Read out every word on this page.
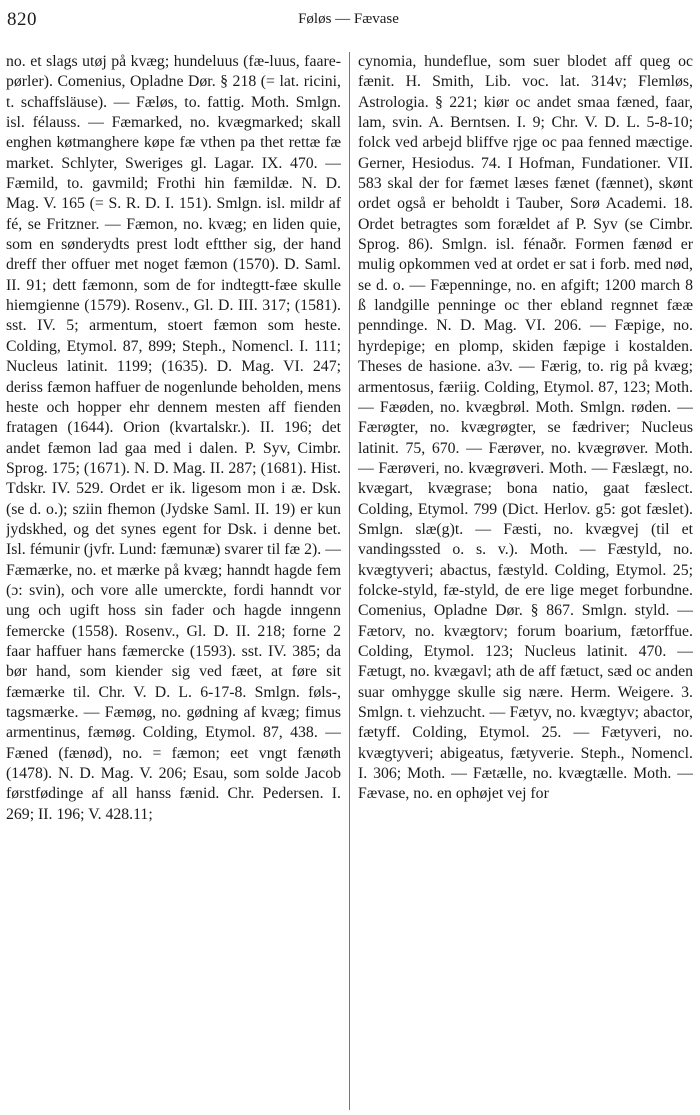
820	Føløs — Fævase

no. et slags utøj på kvæg; hundeluus (fæ-luus, faare-pørler). Comenius, Opladne Dør. § 218 (= lat. ricini, t. schaffsläuse). — Fæløs, to. fattig. Moth. Smlgn. isl. félauss. — Fæmarked, no. kvægmarked; skall enghen køtmanghere køpe fæ vthen pa thet rettæ fæ market. Schlyter, Sweriges gl. Lagar. IX. 470. — Fæmild, to. gavmild; Frothi hin fæmildæ. N. D. Mag. V. 165 (= S. R. D. I. 151). Smlgn. isl. mildr af fé, se Fritzner. — Fæmon, no. kvæg; en liden quie, som en sønderydts prest lodt eftther sig, der hand dreff ther offuer met noget fæmon (1570). D. Saml. II. 91; dett fæmonn, som de for indtegtt-fæe skulle hiemgienne (1579). Rosenv., Gl. D. III. 317; (1581). sst. IV. 5; armentum, stoert fæmon som heste. Colding, Etymol. 87, 899; Steph., Nomencl. I. 111; Nucleus latinit. 1199; (1635). D. Mag. VI. 247; deriss fæmon haffuer de nogenlunde beholden, mens heste och hopper ehr dennem mesten aff fienden fratagen (1644). Orion (kvartalskr.). II. 196; det andet fæmon lad gaa med i dalen. P. Syv, Cimbr. Sprog. 175; (1671). N. D. Mag. II. 287; (1681). Hist. Tdskr. IV. 529. Ordet er ik. ligesom mon i æ. Dsk. (se d. o.); sziin fhemon (Jydske Saml. II. 19) er kun jydskhed, og det synes egent for Dsk. i denne bet. Isl. fémunir (jvfr. Lund: fæmunæ) svarer til fæ 2). — Fæmærke, no. et mærke på kvæg; hanndt hagde fem (ɔ: svin), och vore alle umerckte, fordi hanndt vor ung och ugift hoss sin fader och hagde inngenn femercke (1558). Rosenv., Gl. D. II. 218; forne 2 faar haffuer hans fæmercke (1593). sst. IV. 385; da bør hand, som kiender sig ved fæet, at føre sit fæmærke til. Chr. V. D. L. 6-17-8. Smlgn. føls-, tagsmærke. — Fæmøg, no. gødning af kvæg; fimus armentinus, fæmøg. Colding, Etymol. 87, 438. — Fæned (fænød), no. = fæmon; eet vngt fænøth (1478). N. D. Mag. V. 206; Esau, som solde Jacob førstfødinge af all hanss fænid. Chr. Pedersen. I. 269; II. 196; V. 428.11;

cynomia, hundeflue, som suer blodet aff queg oc fænit. H. Smith, Lib. voc. lat. 314v; Flemløs, Astrologia. § 221; kiør oc andet smaa fæned, faar, lam, svin. A. Berntsen. I. 9; Chr. V. D. L. 5-8-10; folck ved arbejd bliffve rjge oc paa fenned mæctige. Gerner, Hesiodus. 74. I Hofman, Fundationer. VII. 583 skal der for fæmet læses fænet (fænnet), skønt ordet også er beholdt i Tauber, Sorø Academi. 18. Ordet betragtes som forældet af P. Syv (se Cimbr. Sprog. 86). Smlgn. isl. fénaðr. Formen fænød er mulig opkommen ved at ordet er sat i forb. med nød, se d. o. — Fæpenninge, no. en afgift; 1200 march 8 ß landgille penninge oc ther ebland regnnet fææ penndinge. N. D. Mag. VI. 206. — Fæpige, no. hyrdepige; en plomp, skiden fæpige i kostalden. Theses de hasione. a3v. — Færig, to. rig på kvæg; armentosus, færiig. Colding, Etymol. 87, 123; Moth. — Fæøden, no. kvægbrøl. Moth. Smlgn. røden. — Færøgter, no. kvægrøgter, se fædriver; Nucleus latinit. 75, 670. — Færøver, no. kvægrøver. Moth. — Færøveri, no. kvægrøveri. Moth. — Fæslægt, no. kvægart, kvægrase; bona natio, gaat fæslect. Colding, Etymol. 799 (Dict. Herlov. g5: got fæslet). Smlgn. slæ(g)t. — Fæsti, no. kvægvej (til et vandingssted o. s. v.). Moth. — Fæstyld, no. kvægtyveri; abactus, fæstyld. Colding, Etymol. 25; folcke-styld, fæ-styld, de ere lige meget forbundne. Comenius, Opladne Dør. § 867. Smlgn. styld. — Fætorv, no. kvægtorv; forum boarium, fætorffue. Colding, Etymol. 123; Nucleus latinit. 470. — Fætugt, no. kvægavl; ath de aff fætuct, sæd oc anden suar omhygge skulle sig nære. Herm. Weigere. 3. Smlgn. t. viehzucht. — Fætyv, no. kvægtyv; abactor, fætyff. Colding, Etymol. 25. — Fætyveri, no. kvægtyveri; abigeatus, fætyverie. Steph., Nomencl. I. 306; Moth. — Fætælle, no. kvægtælle. Moth. — Fævase, no. en ophøjet vej for
